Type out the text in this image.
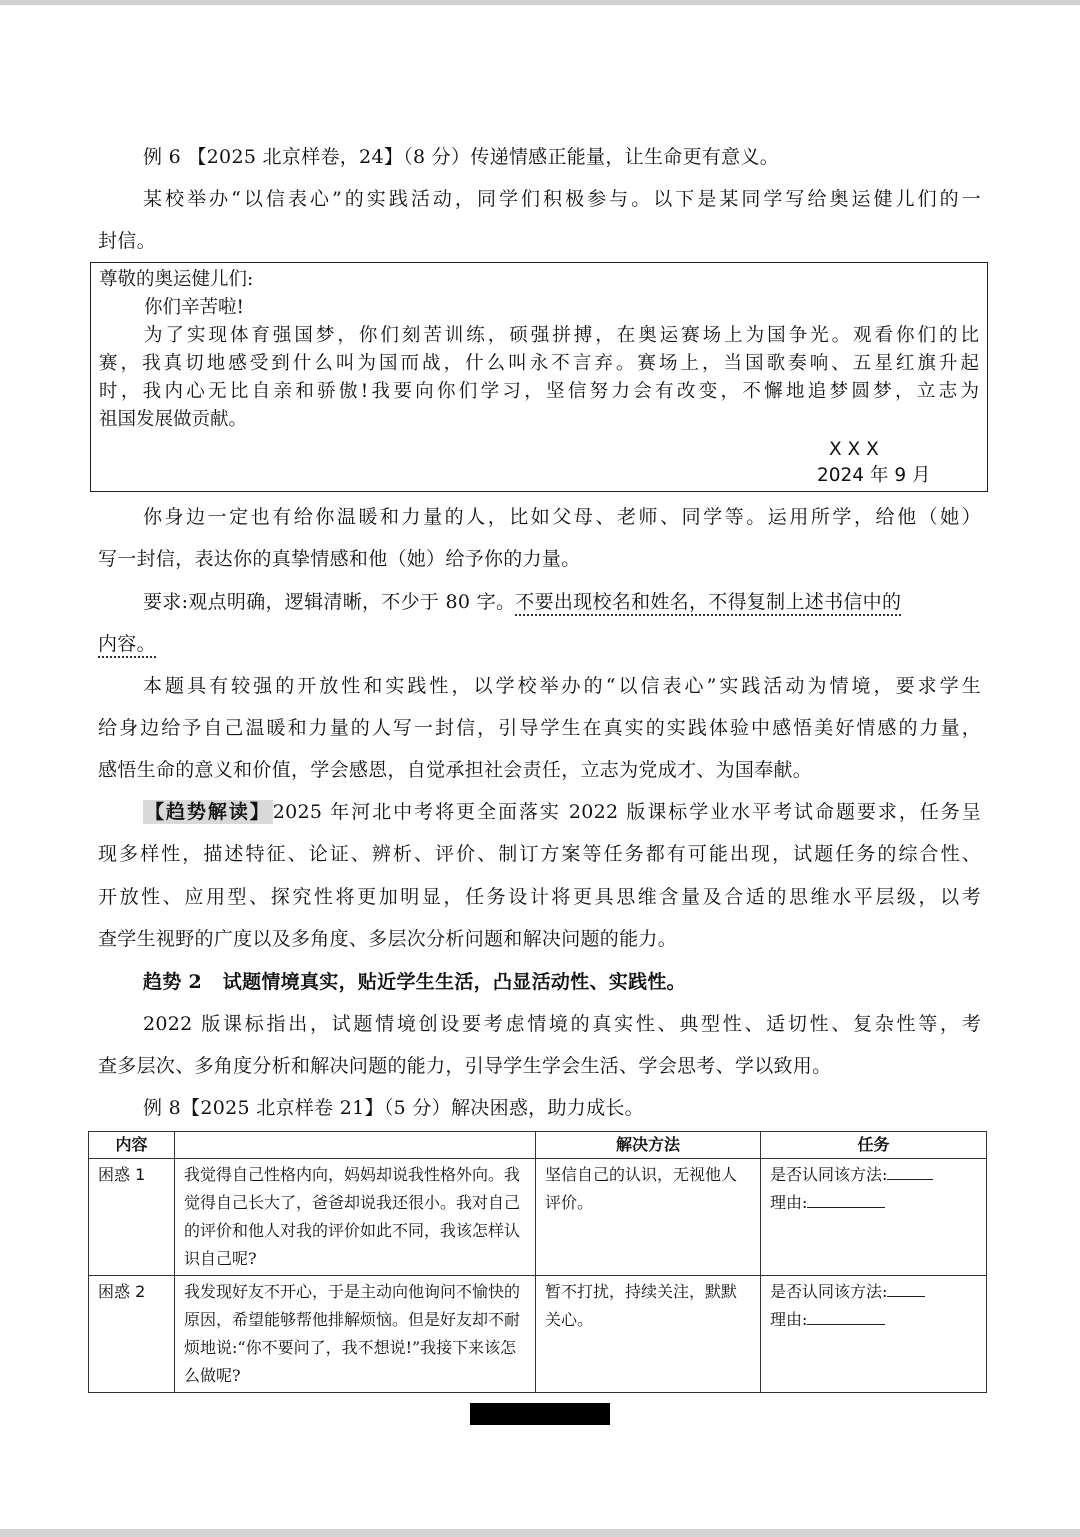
例 6 【2025 北京样卷，24】（8 分）传递情感正能量，让生命更有意义。

某校举办“以信表心”的实践活动，同学们积极参与。以下是某同学写给奥运健儿们的一

封信。

尊敬的奥运健儿们:

你们辛苦啦!

为了实现体育强国梦，你们刻苦训练，硕强拼搏，在奥运赛场上为国争光。观看你们的比

赛，我真切地感受到什么叫为国而战，什么叫永不言弃。赛场上，当国歌奏响、五星红旗升起

时，我内心无比自亲和骄傲!我要向你们学习，坚信努力会有改变，不懈地追梦圆梦，立志为

祖国发展做贡献。

X X X

2024 年 9 月

你身边一定也有给你温暖和力量的人，比如父母、老师、同学等。运用所学，给他（她）

写一封信，表达你的真挚情感和他（她）给予你的力量。

要求:观点明确，逻辑清晰，不少于 80 字。不要出现校名和姓名，不得复制上述书信中的

内容。

本题具有较强的开放性和实践性，以学校举办的“以信表心”实践活动为情境，要求学生

给身边给予自己温暖和力量的人写一封信，引导学生在真实的实践体验中感悟美好情感的力量，

感悟生命的意义和价值，学会感恩，自觉承担社会责任，立志为党成才、为国奉献。

【趋势解读】 2025 年河北中考将更全面落实 2022 版课标学业水平考试命题要求，任务呈

现多样性，描述特征、论证、辨析、评价、制订方案等任务都有可能出现，试题任务的综合性、

开放性、应用型、探究性将更加明显，任务设计将更具思维含量及合适的思维水平层级，以考

查学生视野的广度以及多角度、多层次分析问题和解决问题的能力。

趋势 2   试题情境真实，贴近学生生活，凸显活动性、实践性。

2022 版课标指出，试题情境创设要考虑情境的真实性、典型性、适切性、复杂性等，考

查多层次、多角度分析和解决问题的能力，引导学生学会生活、学会思考、学以致用。

例 8【2025 北京样卷 21】（5 分）解决困惑，助力成长。

内容		解决方法	任务
困惑 1	我觉得自己性格内向，妈妈却说我性格外向。我觉得自己长大了，爸爸却说我还很小。我对自己的评价和他人对我的评价如此不同，我该怎样认识自己呢?	坚信自己的认识，无视他人评价。	是否认同该方法:
理由:

困惑 2	我发现好友不开心，于是主动向他询问不愉快的原因，希望能够帮他排解烦恼。但是好友却不耐烦地说:“你不要问了，我不想说!”我接下来该怎么做呢?	暂不打扰，持续关注，默默关心。	是否认同该方法:
理由:
